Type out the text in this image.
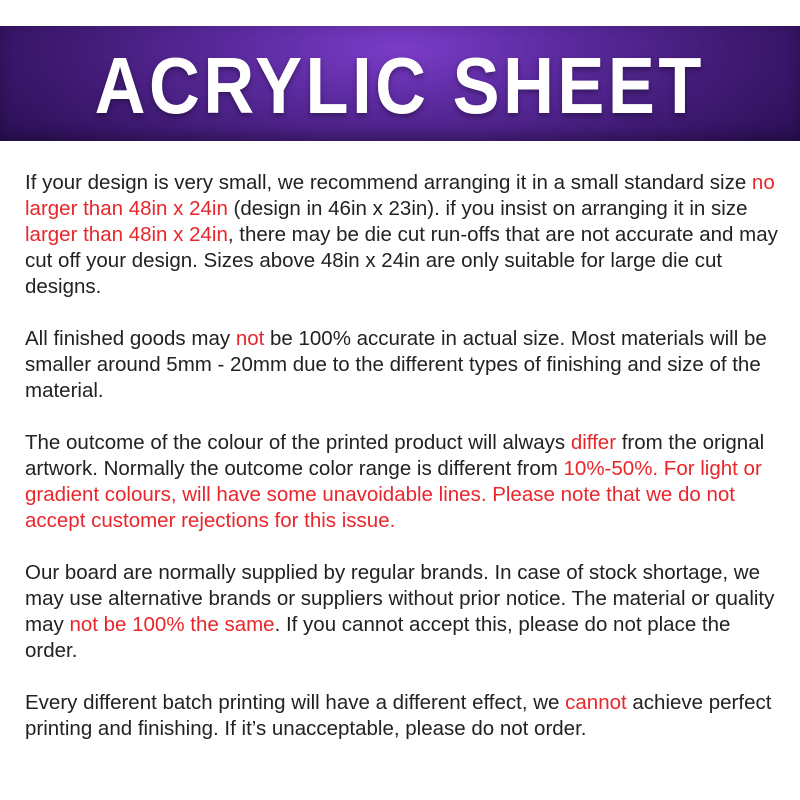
ACRYLIC SHEET

If your design is very small, we recommend arranging it in a small standard size no larger than 48in x 24in (design in 46in x 23in). if you insist on arranging it in size larger than 48in x 24in, there may be die cut run-offs that are not accurate and may cut off your design. Sizes above 48in x 24in are only suitable for large die cut designs.

All finished goods may not be 100% accurate in actual size. Most materials will be smaller around 5mm - 20mm due to the different types of finishing and size of the material.

The outcome of the colour of the printed product will always differ from the orignal artwork. Normally the outcome color range is different from 10%-50%. For light or gradient colours, will have some unavoidable lines. Please note that we do not accept customer rejections for this issue.

Our board are normally supplied by regular brands. In case of stock shortage, we may use alternative brands or suppliers without prior notice. The material or quality may not be 100% the same. If you cannot accept this, please do not place the order.

Every different batch printing will have a different effect, we cannot achieve perfect printing and finishing. If it’s unacceptable, please do not order.
